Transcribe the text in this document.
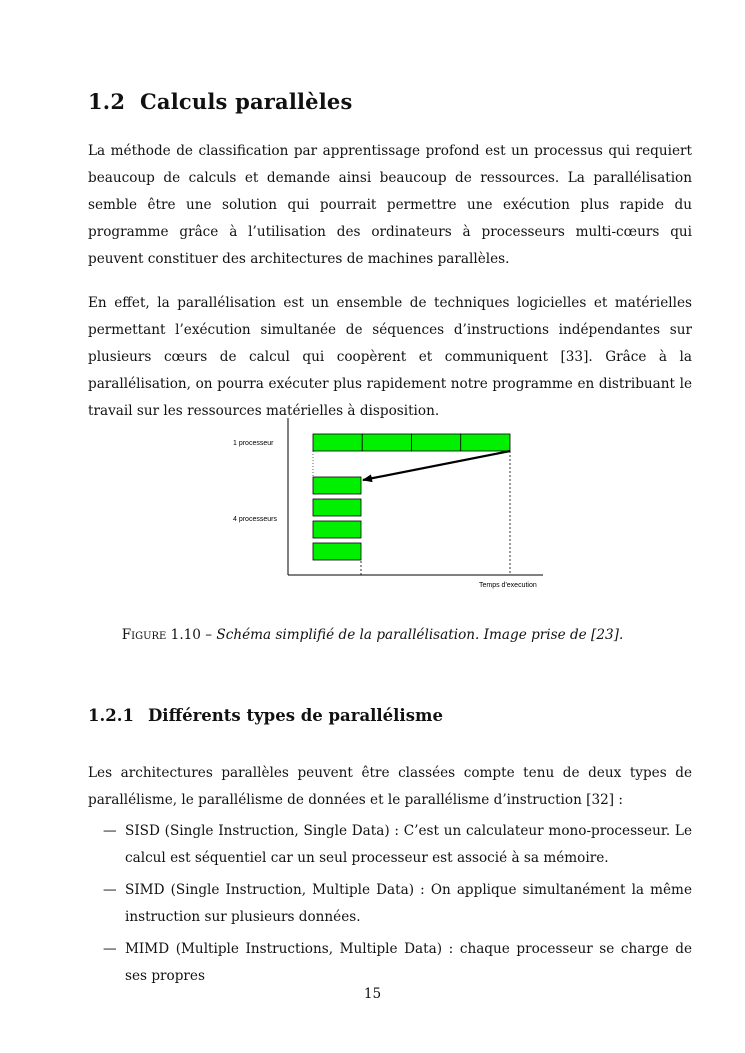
1.2 Calculs parallèles

La méthode de classification par apprentissage profond est un processus qui requiert beaucoup de calculs et demande ainsi beaucoup de ressources. La parallélisation semble être une solution qui pourrait permettre une exécution plus rapide du programme grâce à l’utilisation des ordinateurs à processeurs multi-cœurs qui peuvent constituer des architectures de machines parallèles.

En effet, la parallélisation est un ensemble de techniques logicielles et matérielles permettant l’exécution simultanée de séquences d’instructions indépendantes sur plusieurs cœurs de calcul qui coopèrent et communiquent [33]. Grâce à la parallélisation, on pourra exécuter plus rapidement notre programme en distribuant le travail sur les ressources matérielles à disposition.

1 processeur
4 processeurs
Temps d'execution
Figure 1.10 – Schéma simplifié de la parallélisation. Image prise de [23].
1.2.1 Différents types de parallélisme

Les architectures parallèles peuvent être classées compte tenu de deux types de parallélisme, le parallélisme de données et le parallélisme d’instruction [32] :

— SISD (Single Instruction, Single Data) : C’est un calculateur mono-processeur. Le calcul est séquentiel car un seul processeur est associé à sa mémoire.
— SIMD (Single Instruction, Multiple Data) : On applique simultanément la même instruction sur plusieurs données.
— MIMD (Multiple Instructions, Multiple Data) : chaque processeur se charge de ses propres
15
